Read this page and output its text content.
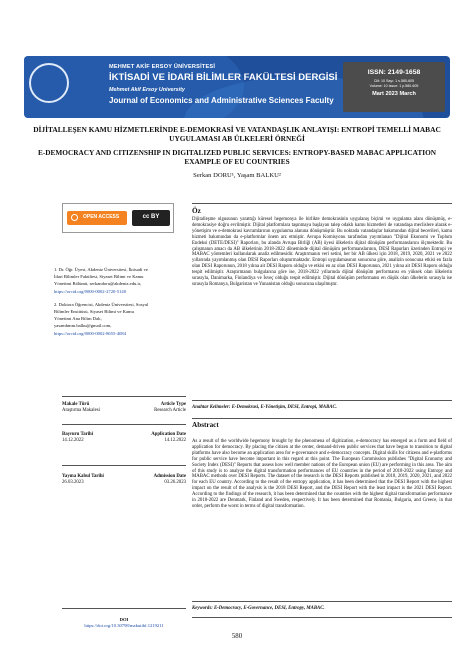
MEHMET AKİF ERSOY ÜNİVERSİTESİ
İKTİSADİ VE İDARİ BİLİMLER FAKÜLTESİ DERGİSİ
Mehmet Akif Ersoy University
Journal of Economics and Administrative Sciences Faculty
ISSN: 2149-1658
Cilt: 10 Sayı: 1 s.580-605
Volume: 10 Issue: 1 p.580-605
Mart 2023 March
DİJİTALLEŞEN KAMU HİZMETLERİNDE E-DEMOKRASİ VE VATANDAŞLIK ANLAYIŞI: ENTROPİ TEMELLİ MABAC UYGULAMASI AB ÜLKELERİ ÖRNEĞİ
E-DEMOCRACY AND CITIZENSHIP IN DIGITALIZED PUBLIC SERVICES: ENTROPY-BASED MABAC APPLICATION EXAMPLE OF EU COUNTRIES
Serkan DORU¹, Yaşam BALKU²
OPEN ACCESS	cc BY
1. Dr. Öğr. Üyesi, Akdeniz Üniversitesi, İktisadi ve
İdari Bilimler Fakültesi, Siyaset Bilimi ve Kamu
Yönetimi Bölümü, serkandoru@akdeniz.edu.tr,
https://orcid.org/0000-0002-2720-5140
2. Doktora Öğrencisi, Akdeniz Üniversitesi, Sosyal
Bilimler Enstitüsü, Siyaset Bilimi ve Kamu
Yönetimi Ana Bilim Dalı,
yasambmm.balku@gmail.com,
https://orcid.org/0000-0002-8655-4084
Makale Türü	Article Type
Araştırma Makalesi	Research Article
Başvuru Tarihi	Application Date
14.12.2022	14.12.2022
Yayına Kabul Tarihi	Admission Date
26.03.2023	03.26.2023
DOI
https://doi.org/10.30798/makuiibf.1219211
Öz
Dijitalleşme olgusunun yarattığı küresel hegemonya ile birlikte demokrasinin uygulanış biçimi ve uygulama alanı dönüşmüş, e-demokrasiye doğru evrilmiştir. Dijital platformlara taşınmaya başlayan talep odaklı kamu hizmetleri de vatandaşa meclislere alarak e-yönetişim ve e-demokrasi kavramlarının uygulanma alanına dönüşmüştür. Bu noktada vatandaşlar bakımından dijital becerileri, kamu hizmeti bakımından da e-platformlar önem arz etmiştir. Avrupa Komisyonu tarafından yayımlanan "Dijital Ekonomi ve Toplum Endeksi (DETE/DESI)" Raporları, bu alanda Avrupa Birliği (AB) üyesi ülkelerin dijital dönüşüm performanslarını ölçmektedir. Bu çalışmanın amacı da AB ülkelerinin 2018-2022 döneminde dijital dönüşüm performanslarının, DESI Raporları üzerinden Entropi ve MABAC yöntemleri kullanılarak analiz edilmesidir. Araştırmanın veri setini, her bir AB ülkesi için 2018, 2019, 2020, 2021 ve 2022 yıllarında yayımlanmış olan DESI Raporları oluşturmaktadır. Entropi uygulamasının sonucuna göre, analizin sonucuna etkisi en fazla olan DESI Raporunun, 2018 yılına ait DESI Raporu olduğu ve etkisi en az olan DESI Raporunun, 2021 yılına ait DESI Raporu olduğu tespit edilmiştir. Araştırmanın bulgularına göre ise, 2018-2022 yıllarında dijital dönüşüm performansı en yüksek olan ülkelerin sırasıyla, Danimarka, Finlandiya ve İsveç olduğu tespit edilmiştir. Dijital dönüşüm performansı en düşük olan ülkelerin sırasıyla ise sırasıyla Romanya, Bulgaristan ve Yunanistan olduğu sonucuna ulaşılmıştır.
Anahtar Kelimeler: E-Demokrasi, E-Yönetişim, DESI, Entropi, MABAC.
Abstract
As a result of the worldwide hegemony brought by the phenomena of digitization, e-democracy has emerged as a form and field of application for democracy. By placing the citizen at the center, demand-driven public services that have begun to transition to digital platforms have also become an application area for e-governance and e-democracy concepts. Digital skills for citizens and e-platforms for public service have become important in this regard at this point. The European Commission publishes "Digital Economy and Society Index (DESI)" Reports that assess how well member nations of the European union (EU) are performing in this area. The aim of this study is to analyze the digital transformation performances of EU countries in the period of 2018-2022 using Entropy and MABAC methods over DESI Reports. The dataset of the research is the DESI Reports published in 2018, 2019, 2020, 2021, and 2022 for each EU country. According to the result of the entropy application, it has been determined that the DESI Report with the highest impact on the result of the analysis is the 2018 DESI Report, and the DESI Report with the least impact is the 2021 DESI Report. According to the findings of the research, it has been determined that the countries with the highest digital transformation performance in 2018-2022 are Denmark, Finland and Sweden, respectively. It has been determined that Romania, Bulgaria, and Greece, in that order, perform the worst in terms of digital transformation.
Keywords: E-Democracy, E-Governance, DESI, Entropy, MABAC.
580
